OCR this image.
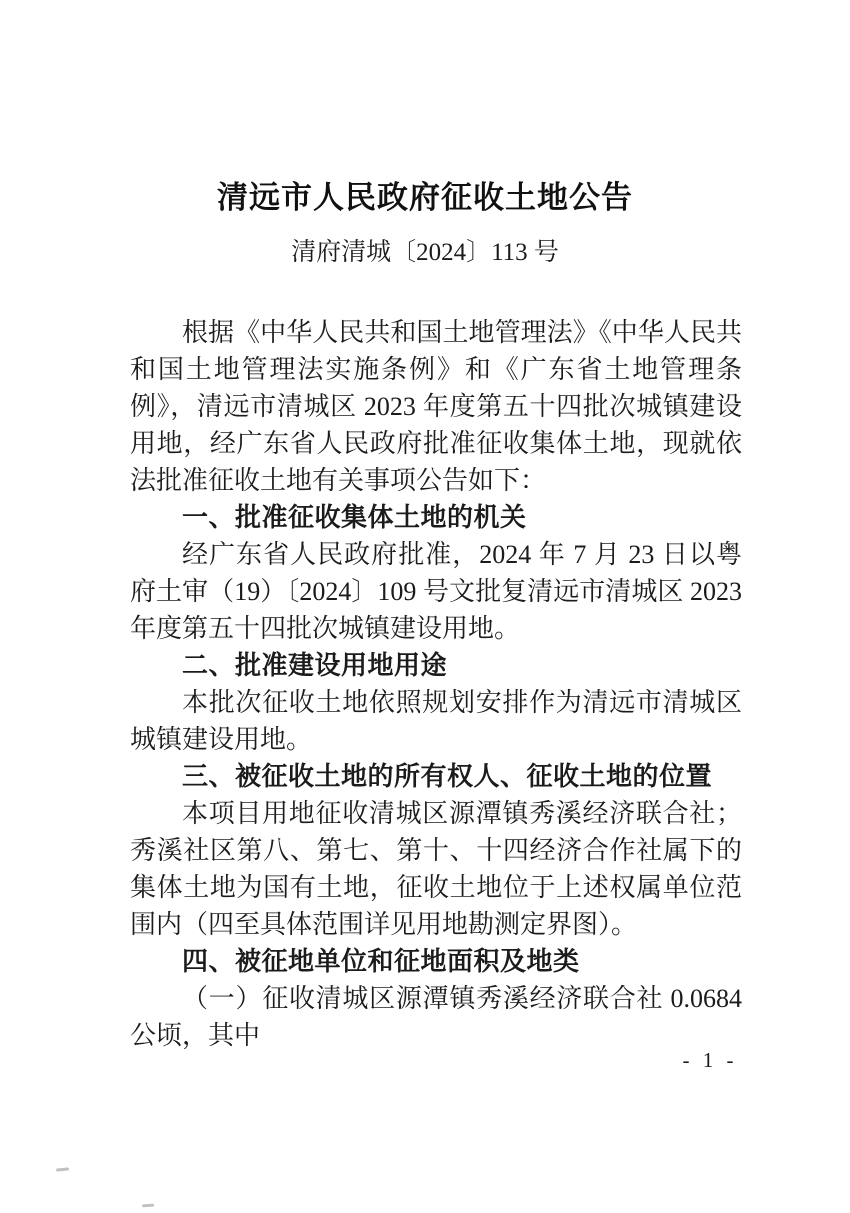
清远市人民政府征收土地公告
清府清城〔2024〕113 号

根据《中华人民共和国土地管理法》《中华人民共和国土地管理法实施条例》和《广东省土地管理条例》，清远市清城区 2023 年度第五十四批次城镇建设用地，经广东省人民政府批准征收集体土地，现就依法批准征收土地有关事项公告如下：

一、批准征收集体土地的机关

经广东省人民政府批准，2024 年 7 月 23 日以粤府土审（19）〔2024〕109 号文批复清远市清城区 2023 年度第五十四批次城镇建设用地。

二、批准建设用地用途

本批次征收土地依照规划安排作为清远市清城区城镇建设用地。

三、被征收土地的所有权人、征收土地的位置

本项目用地征收清城区源潭镇秀溪经济联合社；秀溪社区第八、第七、第十、十四经济合作社属下的集体土地为国有土地，征收土地位于上述权属单位范围内（四至具体范围详见用地勘测定界图）。

四、被征地单位和征地面积及地类

（一）征收清城区源潭镇秀溪经济联合社 0.0684 公顷，其中

- 1 -
